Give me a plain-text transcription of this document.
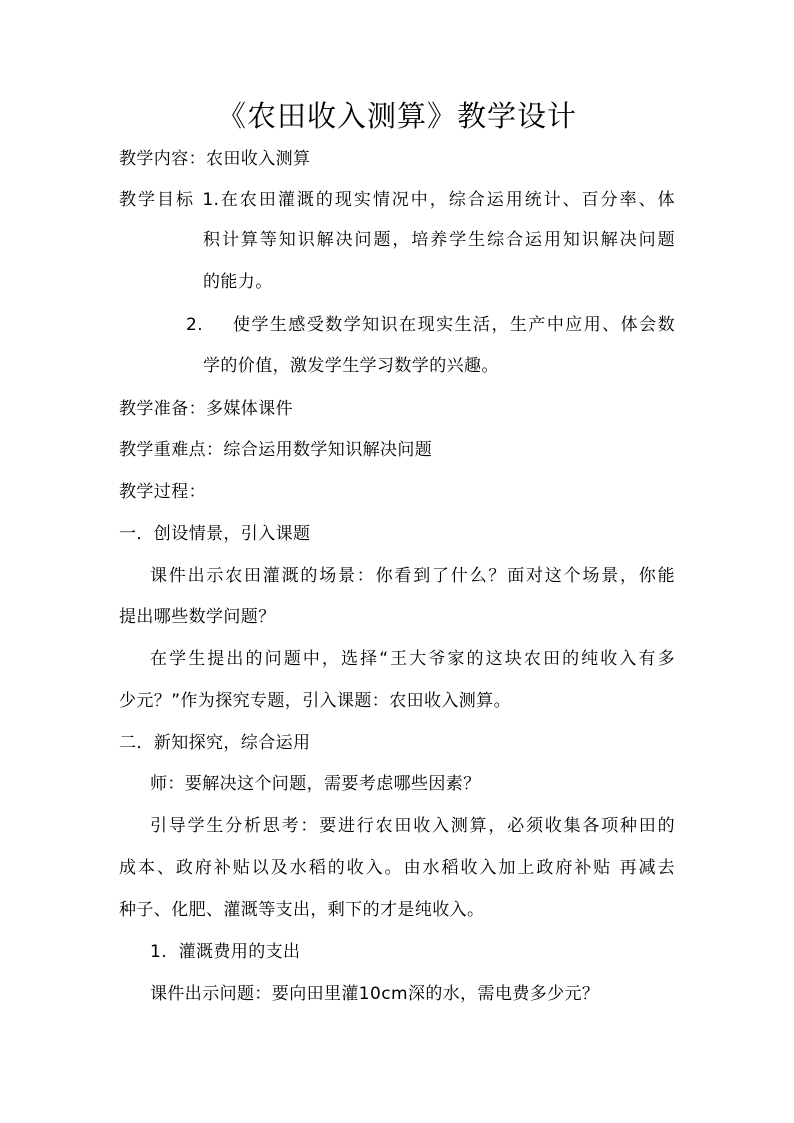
《农田收入测算》教学设计
教学内容：农田收入测算
教学目标 1.在农田灌溉的现实情况中，综合运用统计、百分率、体
积计算等知识解决问题，培养学生综合运用知识解决问题
的能力。
2. 使学生感受数学知识在现实生活，生产中应用、体会数
学的价值，激发学生学习数学的兴趣。
教学准备：多媒体课件
教学重难点：综合运用数学知识解决问题
教学过程：
一．创设情景，引入课题
课件出示农田灌溉的场景：你看到了什么？面对这个场景，你能
提出哪些数学问题？
在学生提出的问题中，选择“王大爷家的这块农田的纯收入有多
少元？”作为探究专题，引入课题：农田收入测算。
二．新知探究，综合运用
师：要解决这个问题，需要考虑哪些因素？
引导学生分析思考：要进行农田收入测算，必须收集各项种田的
成本、政府补贴以及水稻的收入。由水稻收入加上政府补贴 再减去
种子、化肥、灌溉等支出，剩下的才是纯收入。
1.  灌溉费用的支出
课件出示问题：要向田里灌10cm深的水，需电费多少元？
